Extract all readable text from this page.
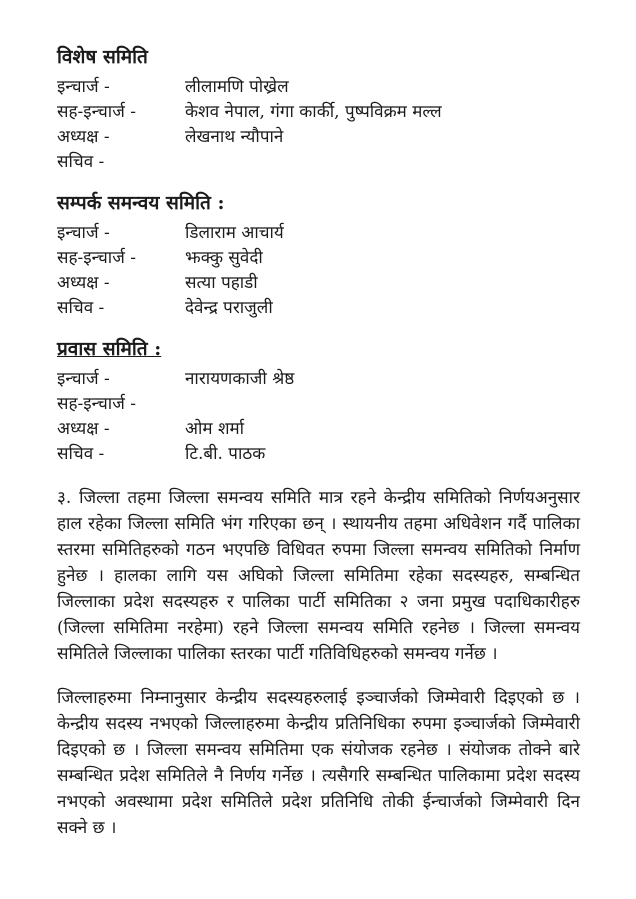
विशेष समिति
इन्चार्ज -	लीलामणि पोख्रेल
सह-इन्चार्ज -	केशव नेपाल, गंगा कार्की, पुष्पविक्रम मल्ल
अध्यक्ष -	लेखनाथ न्यौपाने
सचिव -
सम्पर्क समन्वय समिति :
इन्चार्ज -	डिलाराम आचार्य
सह-इन्चार्ज -	झक्कु सुवेदी
अध्यक्ष -	सत्या पहाडी
सचिव -	देवेन्द्र पराजुली
प्रवास समिति :
इन्चार्ज -	नारायणकाजी श्रेष्ठ
सह-इन्चार्ज -
अध्यक्ष -	ओम शर्मा
सचिव -	टि.बी. पाठक

३. जिल्ला तहमा जिल्ला समन्वय समिति मात्र रहने केन्द्रीय समितिको निर्णयअनुसार हाल रहेका जिल्ला समिति भंग गरिएका छन् । स्थायनीय तहमा अधिवेशन गर्दै पालिका स्तरमा समितिहरुको गठन भएपछि विधिवत रुपमा जिल्ला समन्वय समितिको निर्माण हुनेछ । हालका लागि यस अघिको जिल्ला समितिमा रहेका सदस्यहरु, सम्बन्धित जिल्लाका प्रदेश सदस्यहरु र पालिका पार्टी समितिका २ जना प्रमुख पदाधिकारीहरु (जिल्ला समितिमा नरहेमा) रहने जिल्ला समन्वय समिति रहनेछ । जिल्ला समन्वय समितिले जिल्लाका पालिका स्तरका पार्टी गतिविधिहरुको समन्वय गर्नेछ ।

जिल्लाहरुमा निम्नानुसार केन्द्रीय सदस्यहरुलाई इञ्चार्जको जिम्मेवारी दिइएको छ । केन्द्रीय सदस्य नभएको जिल्लाहरुमा केन्द्रीय प्रतिनिधिका रुपमा इञ्चार्जको जिम्मेवारी दिइएको छ । जिल्ला समन्वय समितिमा एक संयोजक रहनेछ । संयोजक तोक्ने बारे सम्बन्धित प्रदेश समितिले नै निर्णय गर्नेछ । त्यसैगरि सम्बन्धित पालिकामा प्रदेश सदस्य नभएको अवस्थामा प्रदेश समितिले प्रदेश प्रतिनिधि तोकी ईन्चार्जको जिम्मेवारी दिन सक्ने छ ।
